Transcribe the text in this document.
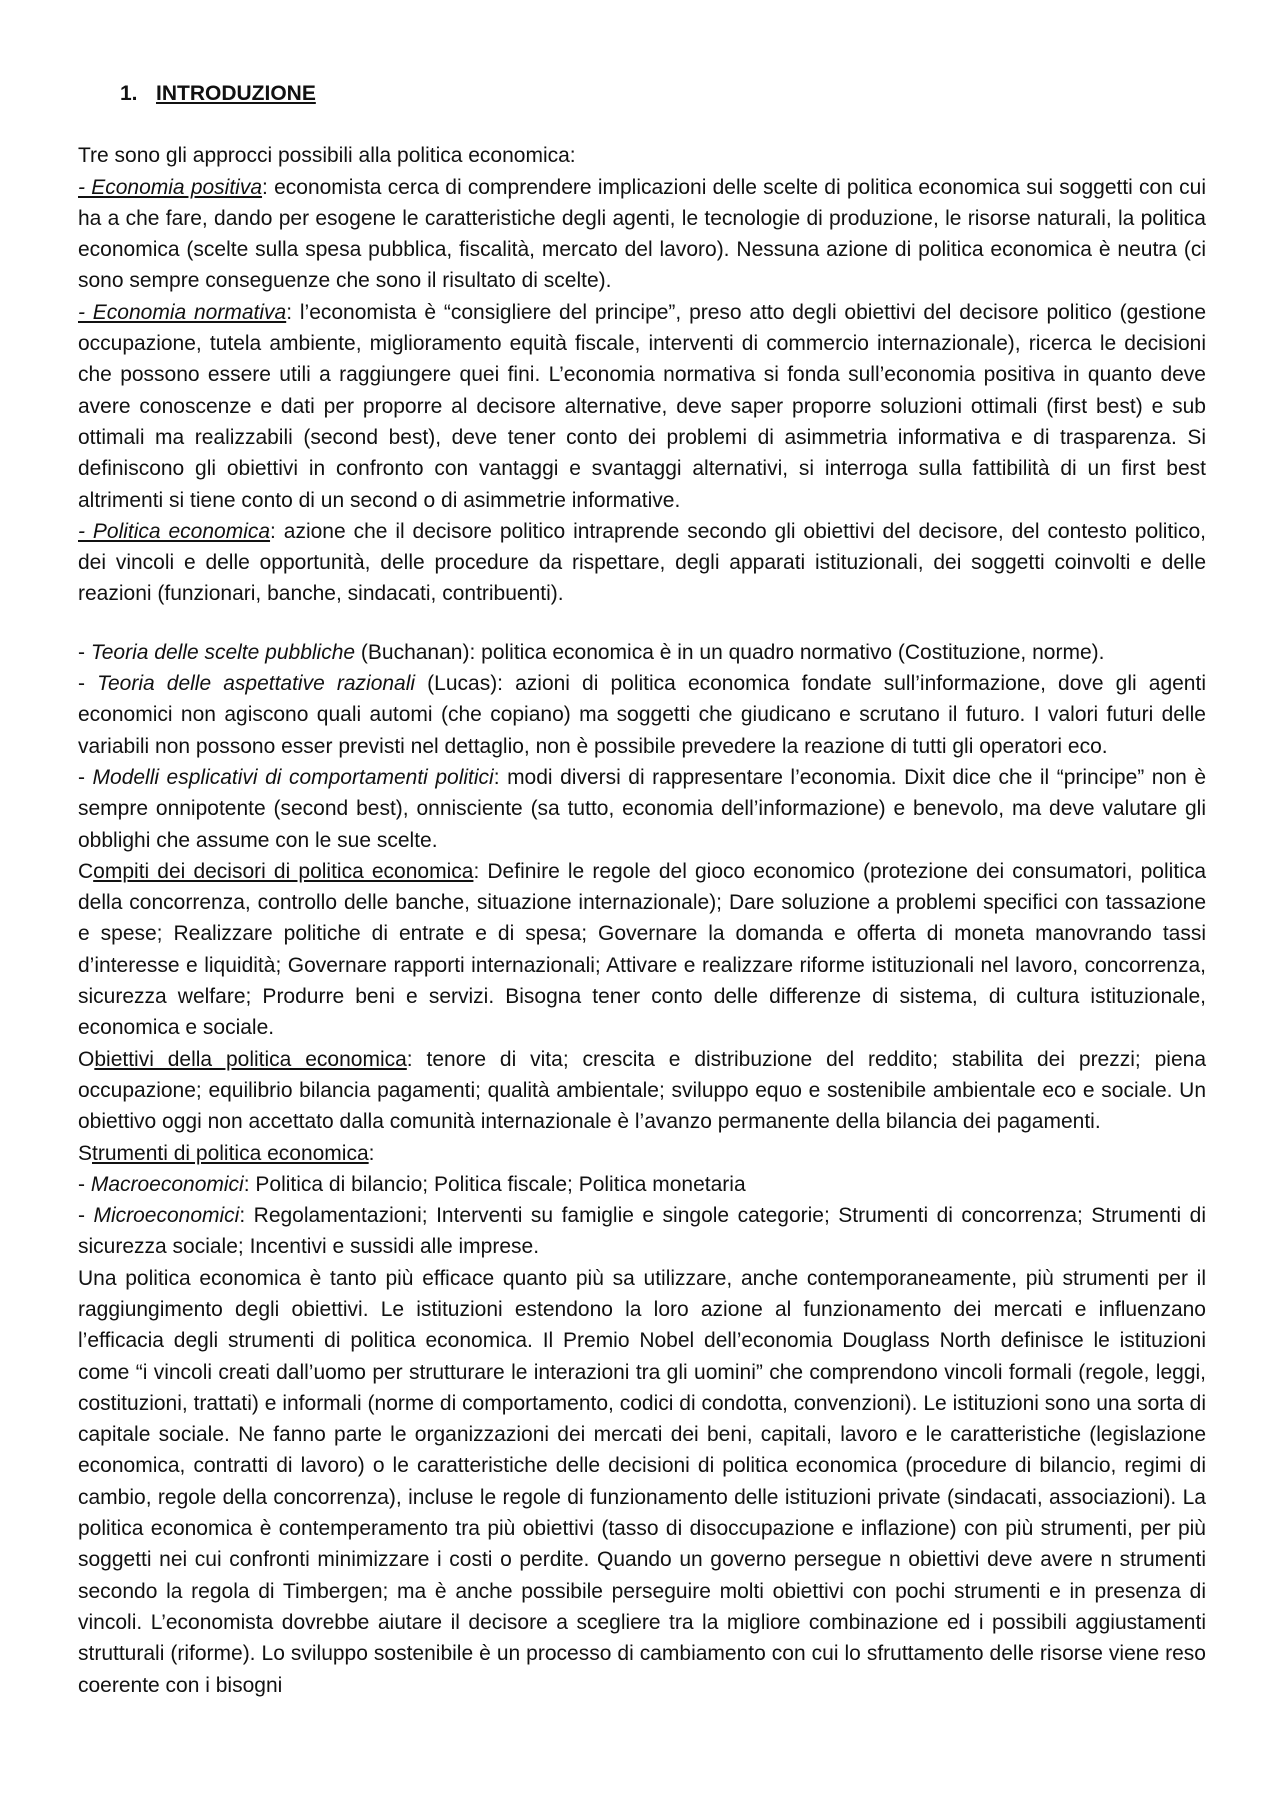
1. INTRODUZIONE

Tre sono gli approcci possibili alla politica economica:

- Economia positiva: economista cerca di comprendere implicazioni delle scelte di politica economica sui soggetti con cui ha a che fare, dando per esogene le caratteristiche degli agenti, le tecnologie di produzione, le risorse naturali, la politica economica (scelte sulla spesa pubblica, fiscalità, mercato del lavoro). Nessuna azione di politica economica è neutra (ci sono sempre conseguenze che sono il risultato di scelte).

- Economia normativa: l’economista è “consigliere del principe”, preso atto degli obiettivi del decisore politico (gestione occupazione, tutela ambiente, miglioramento equità fiscale, interventi di commercio internazionale), ricerca le decisioni che possono essere utili a raggiungere quei fini. L’economia normativa si fonda sull’economia positiva in quanto deve avere conoscenze e dati per proporre al decisore alternative, deve saper proporre soluzioni ottimali (first best) e sub ottimali ma realizzabili (second best), deve tener conto dei problemi di asimmetria informativa e di trasparenza. Si definiscono gli obiettivi in confronto con vantaggi e svantaggi alternativi, si interroga sulla fattibilità di un first best altrimenti si tiene conto di un second o di asimmetrie informative.

- Politica economica: azione che il decisore politico intraprende secondo gli obiettivi del decisore, del contesto politico, dei vincoli e delle opportunità, delle procedure da rispettare, degli apparati istituzionali, dei soggetti coinvolti e delle reazioni (funzionari, banche, sindacati, contribuenti).

- Teoria delle scelte pubbliche (Buchanan): politica economica è in un quadro normativo (Costituzione, norme).

- Teoria delle aspettative razionali (Lucas): azioni di politica economica fondate sull’informazione, dove gli agenti economici non agiscono quali automi (che copiano) ma soggetti che giudicano e scrutano il futuro. I valori futuri delle variabili non possono esser previsti nel dettaglio, non è possibile prevedere la reazione di tutti gli operatori eco.

- Modelli esplicativi di comportamenti politici: modi diversi di rappresentare l’economia. Dixit dice che il “principe” non è sempre onnipotente (second best), onnisciente (sa tutto, economia dell’informazione) e benevolo, ma deve valutare gli obblighi che assume con le sue scelte.

Compiti dei decisori di politica economica: Definire le regole del gioco economico (protezione dei consumatori, politica della concorrenza, controllo delle banche, situazione internazionale); Dare soluzione a problemi specifici con tassazione e spese; Realizzare politiche di entrate e di spesa; Governare la domanda e offerta di moneta manovrando tassi d’interesse e liquidità; Governare rapporti internazionali; Attivare e realizzare riforme istituzionali nel lavoro, concorrenza, sicurezza welfare; Produrre beni e servizi. Bisogna tener conto delle differenze di sistema, di cultura istituzionale, economica e sociale.

Obiettivi della politica economica: tenore di vita; crescita e distribuzione del reddito; stabilita dei prezzi; piena occupazione; equilibrio bilancia pagamenti; qualità ambientale; sviluppo equo e sostenibile ambientale eco e sociale. Un obiettivo oggi non accettato dalla comunità internazionale è l’avanzo permanente della bilancia dei pagamenti.

Strumenti di politica economica:

- Macroeconomici: Politica di bilancio; Politica fiscale; Politica monetaria

- Microeconomici: Regolamentazioni; Interventi su famiglie e singole categorie; Strumenti di concorrenza; Strumenti di sicurezza sociale; Incentivi e sussidi alle imprese.

Una politica economica è tanto più efficace quanto più sa utilizzare, anche contemporaneamente, più strumenti per il raggiungimento degli obiettivi. Le istituzioni estendono la loro azione al funzionamento dei mercati e influenzano l’efficacia degli strumenti di politica economica. Il Premio Nobel dell’economia Douglass North definisce le istituzioni come “i vincoli creati dall’uomo per strutturare le interazioni tra gli uomini” che comprendono vincoli formali (regole, leggi, costituzioni, trattati) e informali (norme di comportamento, codici di condotta, convenzioni). Le istituzioni sono una sorta di capitale sociale. Ne fanno parte le organizzazioni dei mercati dei beni, capitali, lavoro e le caratteristiche (legislazione economica, contratti di lavoro) o le caratteristiche delle decisioni di politica economica (procedure di bilancio, regimi di cambio, regole della concorrenza), incluse le regole di funzionamento delle istituzioni private (sindacati, associazioni). La politica economica è contemperamento tra più obiettivi (tasso di disoccupazione e inflazione) con più strumenti, per più soggetti nei cui confronti minimizzare i costi o perdite. Quando un governo persegue n obiettivi deve avere n strumenti secondo la regola di Timbergen; ma è anche possibile perseguire molti obiettivi con pochi strumenti e in presenza di vincoli. L’economista dovrebbe aiutare il decisore a scegliere tra la migliore combinazione ed i possibili aggiustamenti strutturali (riforme). Lo sviluppo sostenibile è un processo di cambiamento con cui lo sfruttamento delle risorse viene reso coerente con i bisogni
